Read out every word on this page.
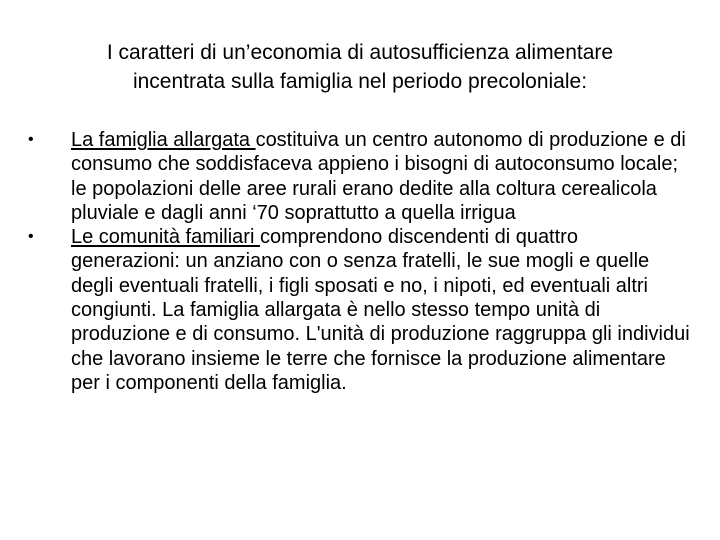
I caratteri di un’economia di autosufficienza alimentare
incentrata sulla famiglia nel periodo precoloniale:
• La famiglia allargata costituiva un centro autonomo di produzione e di consumo che soddisfaceva appieno i bisogni di autoconsumo locale; le popolazioni delle aree rurali erano dedite alla coltura cerealicola pluviale e dagli anni ‘70 soprattutto a quella irrigua
• Le comunità familiari comprendono discendenti di quattro generazioni: un anziano con o senza fratelli, le sue mogli e quelle degli eventuali fratelli, i figli sposati e no, i nipoti, ed eventuali altri congiunti. La famiglia allargata è nello stesso tempo unità di produzione e di consumo. L'unità di produzione raggruppa gli individui che lavorano insieme le terre che fornisce la produzione alimentare per i componenti della famiglia.
